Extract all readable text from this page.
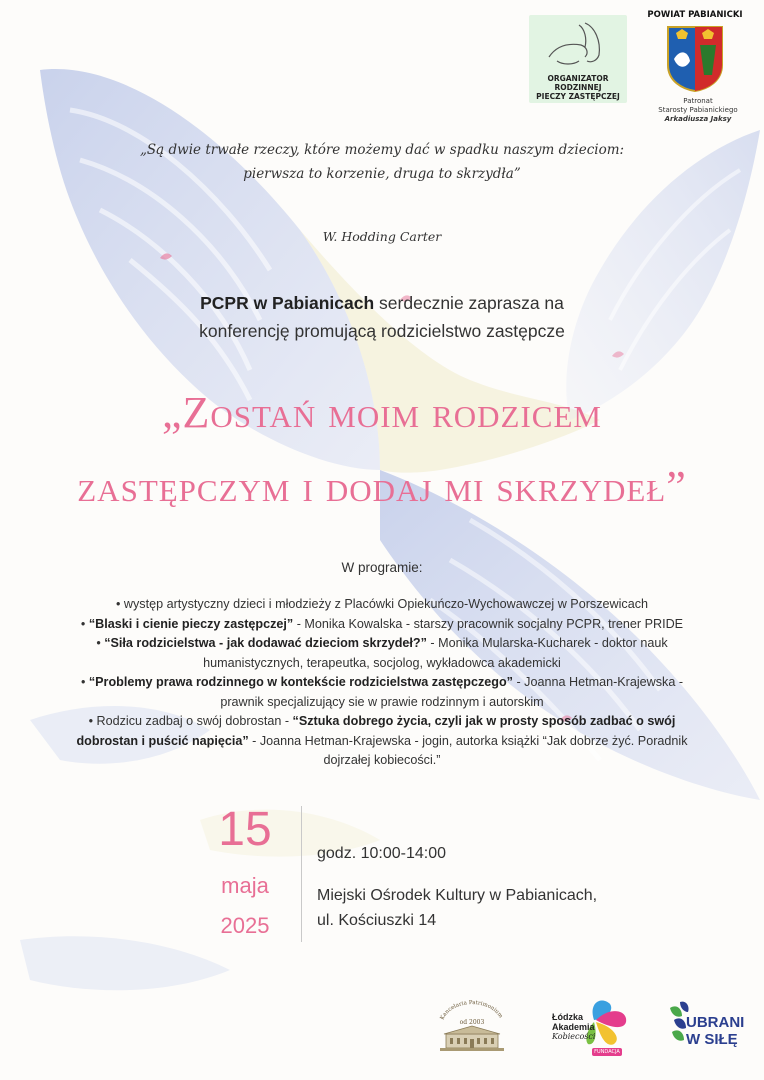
ORGANIZATOR
RODZINNEJ
PIECZY ZASTĘPCZEJ
POWIAT PABIANICKI
Patronat
Starosty Pabianickiego
Arkadiusza Jaksy
„Są dwie trwałe rzeczy, które możemy dać w spadku naszym dzieciom:
pierwsza to korzenie, druga to skrzydła”
W. Hodding Carter
PCPR w Pabianicach serdecznie zaprasza na
konferencję promującą rodzicielstwo zastępcze
„Zostań moim rodzicem
zastępczym i dodaj mi skrzydeł”
W programie:

• występ artystyczny dzieci i młodzieży z Placówki Opiekuńczo-Wychowawczej w Porszewicach

• “Blaski i cienie pieczy zastępczej” - Monika Kowalska - starszy pracownik socjalny PCPR, trener PRIDE

• “Siła rodzicielstwa - jak dodawać dzieciom skrzydeł?” - Monika Mularska-Kucharek - doktor nauk humanistycznych, terapeutka, socjolog, wykładowca akademicki

• “Problemy prawa rodzinnego w kontekście rodzicielstwa zastępczego” - Joanna Hetman-Krajewska - prawnik specjalizujący sie w prawie rodzinnym i autorskim

• Rodzicu zadbaj o swój dobrostan - “Sztuka dobrego życia, czyli jak w prosty sposób zadbać o swój dobrostan i puścić napięcia” - Joanna Hetman-Krajewska - jogin, autorka książki “Jak dobrze żyć. Poradnik dojrzałej kobiecości.”

15
maja
2025
godz. 10:00-14:00
Miejski Ośrodek Kultury w Pabianicach,
ul. Kościuszki 14
Kancelaria Patrimonium
od 2003
Łódzka
Akademia
Kobiecości
FUNDACJA
UBRANI
W SIŁĘ
